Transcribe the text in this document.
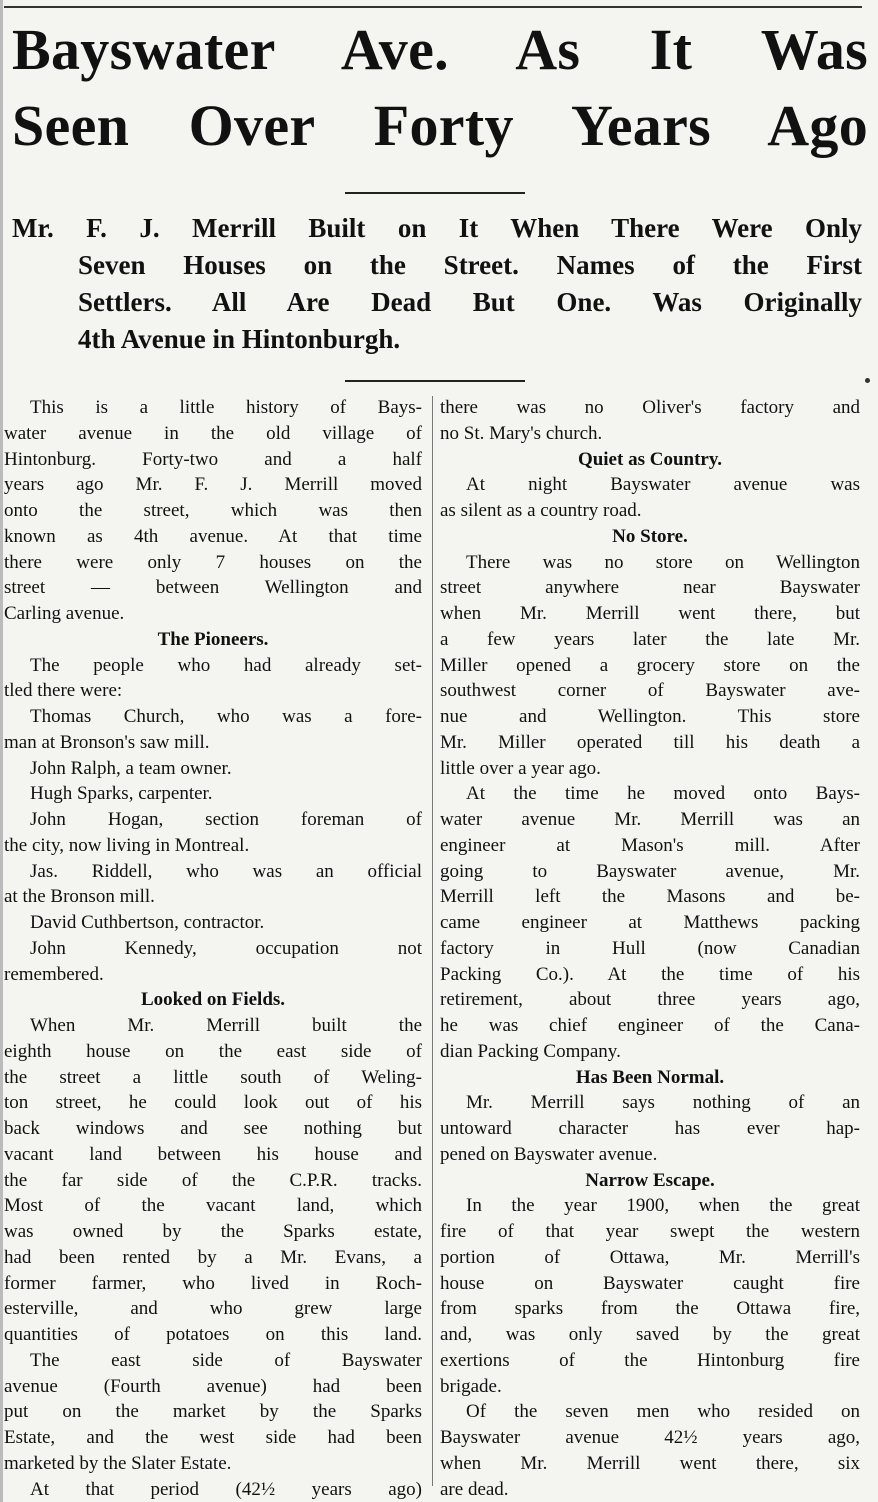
Bayswater Ave. As It Was
Seen Over Forty Years Ago
Mr. F. J. Merrill Built on It When There Were Only
Seven Houses on the Street. Names of the First
Settlers. All Are Dead But One. Was Originally
4th Avenue in Hintonburgh.
This is a little history of Bays-
water avenue in the old village of
Hintonburg. Forty-two and a half
years ago Mr. F. J. Merrill moved
onto the street, which was then
known as 4th avenue. At that time
there were only 7 houses on the
street — between Wellington and
Carling avenue.
The Pioneers.
The people who had already set-
tled there were:
Thomas Church, who was a fore-
man at Bronson's saw mill.
John Ralph, a team owner.
Hugh Sparks, carpenter.
John Hogan, section foreman of
the city, now living in Montreal.
Jas. Riddell, who was an official
at the Bronson mill.
David Cuthbertson, contractor.
John Kennedy, occupation not
remembered.
Looked on Fields.
When Mr. Merrill built the
eighth house on the east side of
the street a little south of Weling-
ton street, he could look out of his
back windows and see nothing but
vacant land between his house and
the far side of the C.P.R. tracks.
Most of the vacant land, which
was owned by the Sparks estate,
had been rented by a Mr. Evans, a
former farmer, who lived in Roch-
esterville, and who grew large
quantities of potatoes on this land.
The east side of Bayswater
avenue (Fourth avenue) had been
put on the market by the Sparks
Estate, and the west side had been
marketed by the Slater Estate.
At that period (42½ years ago)
there was no Oliver's factory and
no St. Mary's church.
Quiet as Country.
At night Bayswater avenue was
as silent as a country road.
No Store.
There was no store on Wellington
street anywhere near Bayswater
when Mr. Merrill went there, but
a few years later the late Mr.
Miller opened a grocery store on the
southwest corner of Bayswater ave-
nue and Wellington. This store
Mr. Miller operated till his death a
little over a year ago.
At the time he moved onto Bays-
water avenue Mr. Merrill was an
engineer at Mason's mill. After
going to Bayswater avenue, Mr.
Merrill left the Masons and be-
came engineer at Matthews packing
factory in Hull (now Canadian
Packing Co.). At the time of his
retirement, about three years ago,
he was chief engineer of the Cana-
dian Packing Company.
Has Been Normal.
Mr. Merrill says nothing of an
untoward character has ever hap-
pened on Bayswater avenue.
Narrow Escape.
In the year 1900, when the great
fire of that year swept the western
portion of Ottawa, Mr. Merrill's
house on Bayswater caught fire
from sparks from the Ottawa fire,
and, was only saved by the great
exertions of the Hintonburg fire
brigade.
Of the seven men who resided on
Bayswater avenue 42½ years ago,
when Mr. Merrill went there, six
are dead.
